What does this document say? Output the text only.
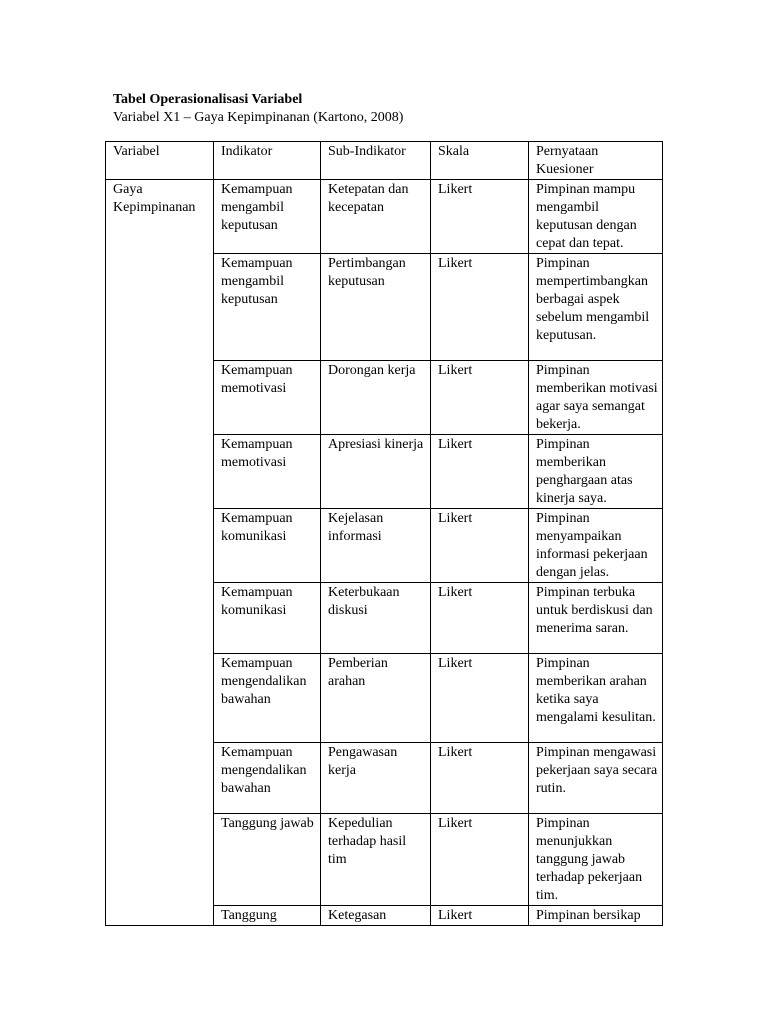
Tabel Operasionalisasi Variabel
Variabel X1 – Gaya Kepimpinanan (Kartono, 2008)
Variabel	Indikator	Sub-Indikator	Skala	Pernyataan Kuesioner
Gaya Kepimpinanan	Kemampuan mengambil keputusan	Ketepatan dan kecepatan	Likert	Pimpinan mampu mengambil keputusan dengan cepat dan tepat.
	Kemampuan mengambil keputusan	Pertimbangan keputusan	Likert	Pimpinan mempertimbangkan berbagai aspek sebelum mengambil keputusan.
	Kemampuan memotivasi	Dorongan kerja	Likert	Pimpinan memberikan motivasi agar saya semangat bekerja.
	Kemampuan memotivasi	Apresiasi kinerja	Likert	Pimpinan memberikan penghargaan atas kinerja saya.
	Kemampuan komunikasi	Kejelasan informasi	Likert	Pimpinan menyampaikan informasi pekerjaan dengan jelas.
	Kemampuan komunikasi	Keterbukaan diskusi	Likert	Pimpinan terbuka untuk berdiskusi dan menerima saran.
	Kemampuan mengendalikan bawahan	Pemberian arahan	Likert	Pimpinan memberikan arahan ketika saya mengalami kesulitan.
	Kemampuan mengendalikan bawahan	Pengawasan kerja	Likert	Pimpinan mengawasi pekerjaan saya secara rutin.
	Tanggung jawab	Kepedulian terhadap hasil tim	Likert	Pimpinan menunjukkan tanggung jawab terhadap pekerjaan tim.
	Tanggung	Ketegasan	Likert	Pimpinan bersikap
